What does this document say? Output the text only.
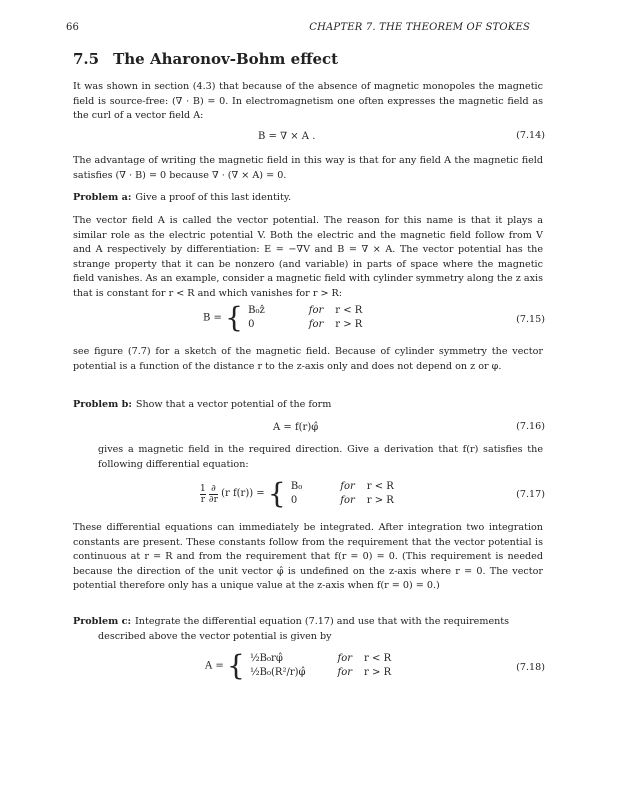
66	CHAPTER 7. THE THEOREM OF STOKES
7.5 The Aharonov-Bohm effect

It was shown in section (4.3) that because of the absence of magnetic monopoles the magnetic field is source-free: (∇ · B) = 0. In electromagnetism one often expresses the magnetic field as the curl of a vector field A:

B = ∇ × A .	(7.14)

The advantage of writing the magnetic field in this way is that for any field A the magnetic field satisfies (∇ · B) = 0 because ∇ · (∇ × A) = 0.

Problem a: Give a proof of this last identity.

The vector field A is called the vector potential. The reason for this name is that it plays a similar role as the electric potential V. Both the electric and the magnetic field follow from V and A respectively by differentiation: E = −∇V and B = ∇ × A. The vector potential has the strange property that it can be nonzero (and variable) in parts of space where the magnetic field vanishes. As an example, consider a magnetic field with cylinder symmetry along the z axis that is constant for r < R and which vanishes for r > R:

B = { B₀ẑ	for	r < R
0	for	r > R	(7.15)

see figure (7.7) for a sketch of the magnetic field. Because of cylinder symmetry the vector potential is a function of the distance r to the z-axis only and does not depend on z or φ.

Problem b: Show that a vector potential of the form
A = f(r)φ̂	(7.16)

gives a magnetic field in the required direction. Give a derivation that f(r) satisfies the following differential equation:

$\frac{1}{r}$
$\frac{\partial}{\partial r} (r$ f(r)) = { B₀	for	r < R
0	for	r > R
(7.17)

These differential equations can immediately be integrated. After integration two integration constants are present. These constants follow from the requirement that the vector potential is continuous at r = R and from the requirement that f(r = 0) = 0. (This requirement is needed because the direction of the unit vector φ̂ is undefined on the z-axis where r = 0. The vector potential therefore only has a unique value at the z-axis when f(r = 0) = 0.)

Problem c: Integrate the differential equation (7.17) and use that with the requirements

described above the vector potential is given by

A = { ½B₀rφ̂	for	r < R
½B₀(R²/r)φ̂	for	r > R	(7.18)
